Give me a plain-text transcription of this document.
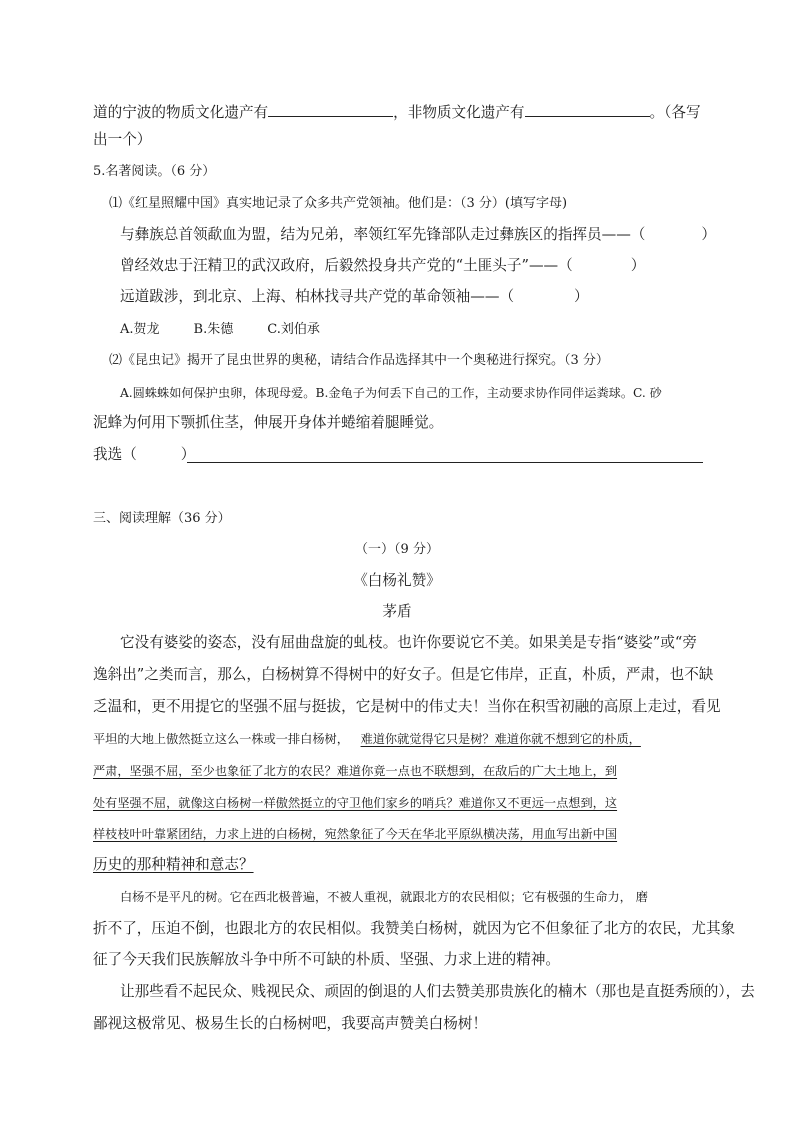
道的宁波的物质文化遗产有	，非物质文化遗产有	。（各写
出一个）
5.名著阅读。（6 分）
⑴《红星照耀中国》真实地记录了众多共产党领袖。他们是：（3 分）(填写字母)
与彝族总首领歃血为盟，结为兄弟，率领红军先锋部队走过彝族区的指挥员——（	）
曾经效忠于汪精卫的武汉政府，后毅然投身共产党的“土匪头子”——（	）
远道跋涉，到北京、上海、柏林找寻共产党的革命领袖——（	）
A.贺龙	B.朱德	C.刘伯承
⑵《昆虫记》揭开了昆虫世界的奥秘，请结合作品选择其中一个奥秘进行探究。（3 分）
A.圆蛛蛛如何保护虫卵，体现母爱。B.金龟子为何丢下自己的工作，主动要求协作同伴运粪球。C. 砂
泥蜂为何用下颚抓住茎，伸展开身体并蜷缩着腿睡觉。
我选（	）
三、阅读理解（36 分）
（一）（9 分）
《白杨礼赞》
茅盾
它没有婆娑的姿态，没有屈曲盘旋的虬枝。也许你要说它不美。如果美是专指“婆娑”或“旁
逸斜出”之类而言，那么，白杨树算不得树中的好女子。但是它伟岸，正直，朴质，严肃，也不缺
乏温和，更不用提它的坚强不屈与挺拔，它是树中的伟丈夫！当你在积雪初融的高原上走过，看见
平坦的大地上傲然挺立这么一株或一排白杨树， 难道你就觉得它只是树？难道你就不想到它的朴质，
严肃，坚强不屈，至少也象征了北方的农民？难道你竟一点也不联想到，在敌后的广大土地上，到
处有坚强不屈，就像这白杨树一样傲然挺立的守卫他们家乡的哨兵？难道你又不更远一点想到，这
样枝枝叶叶靠紧团结，力求上进的白杨树，宛然象征了今天在华北平原纵横决荡，用血写出新中国
历史的那种精神和意志？
白杨不是平凡的树。它在西北极普遍，不被人重视，就跟北方的农民相似；它有极强的生命力， 磨
折不了，压迫不倒，也跟北方的农民相似。我赞美白杨树，就因为它不但象征了北方的农民，尤其象
征了今天我们民族解放斗争中所不可缺的朴质、坚强、力求上进的精神。
让那些看不起民众、贱视民众、顽固的倒退的人们去赞美那贵族化的楠木（那也是直挺秀颀的），去
鄙视这极常见、极易生长的白杨树吧，我要高声赞美白杨树！
